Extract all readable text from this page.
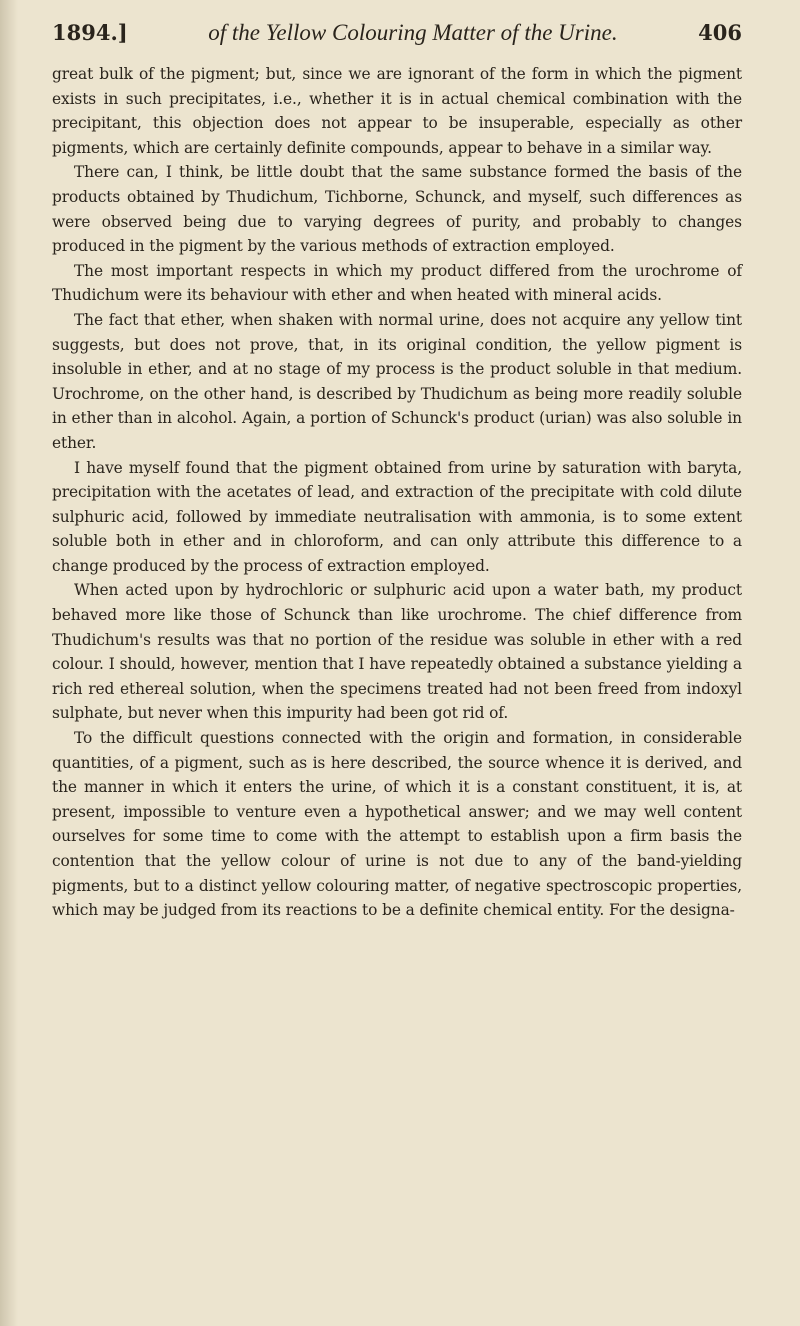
1894.]	of the Yellow Colouring Matter of the Urine.	406

great bulk of the pigment; but, since we are ignorant of the form in which the pigment exists in such precipitates, i.e., whether it is in actual chemical combination with the precipitant, this objection does not appear to be insuperable, especially as other pigments, which are certainly definite compounds, appear to behave in a similar way.

There can, I think, be little doubt that the same substance formed the basis of the products obtained by Thudichum, Tichborne, Schunck, and myself, such differences as were observed being due to varying degrees of purity, and probably to changes produced in the pigment by the various methods of extraction employed.

The most important respects in which my product differed from the urochrome of Thudichum were its behaviour with ether and when heated with mineral acids.

The fact that ether, when shaken with normal urine, does not acquire any yellow tint suggests, but does not prove, that, in its original condition, the yellow pigment is insoluble in ether, and at no stage of my process is the product soluble in that medium. Urochrome, on the other hand, is described by Thudichum as being more readily soluble in ether than in alcohol. Again, a portion of Schunck's product (urian) was also soluble in ether.

I have myself found that the pigment obtained from urine by saturation with baryta, precipitation with the acetates of lead, and extraction of the precipitate with cold dilute sulphuric acid, followed by immediate neutralisation with ammonia, is to some extent soluble both in ether and in chloroform, and can only attribute this difference to a change produced by the process of extraction employed.

When acted upon by hydrochloric or sulphuric acid upon a water bath, my product behaved more like those of Schunck than like urochrome. The chief difference from Thudichum's results was that no portion of the residue was soluble in ether with a red colour. I should, however, mention that I have repeatedly obtained a substance yielding a rich red ethereal solution, when the specimens treated had not been freed from indoxyl sulphate, but never when this impurity had been got rid of.

To the difficult questions connected with the origin and formation, in considerable quantities, of a pigment, such as is here described, the source whence it is derived, and the manner in which it enters the urine, of which it is a constant constituent, it is, at present, impossible to venture even a hypothetical answer; and we may well content ourselves for some time to come with the attempt to establish upon a firm basis the contention that the yellow colour of urine is not due to any of the band-yielding pigments, but to a distinct yellow colouring matter, of negative spectroscopic properties, which may be judged from its reactions to be a definite chemical entity. For the designa-
